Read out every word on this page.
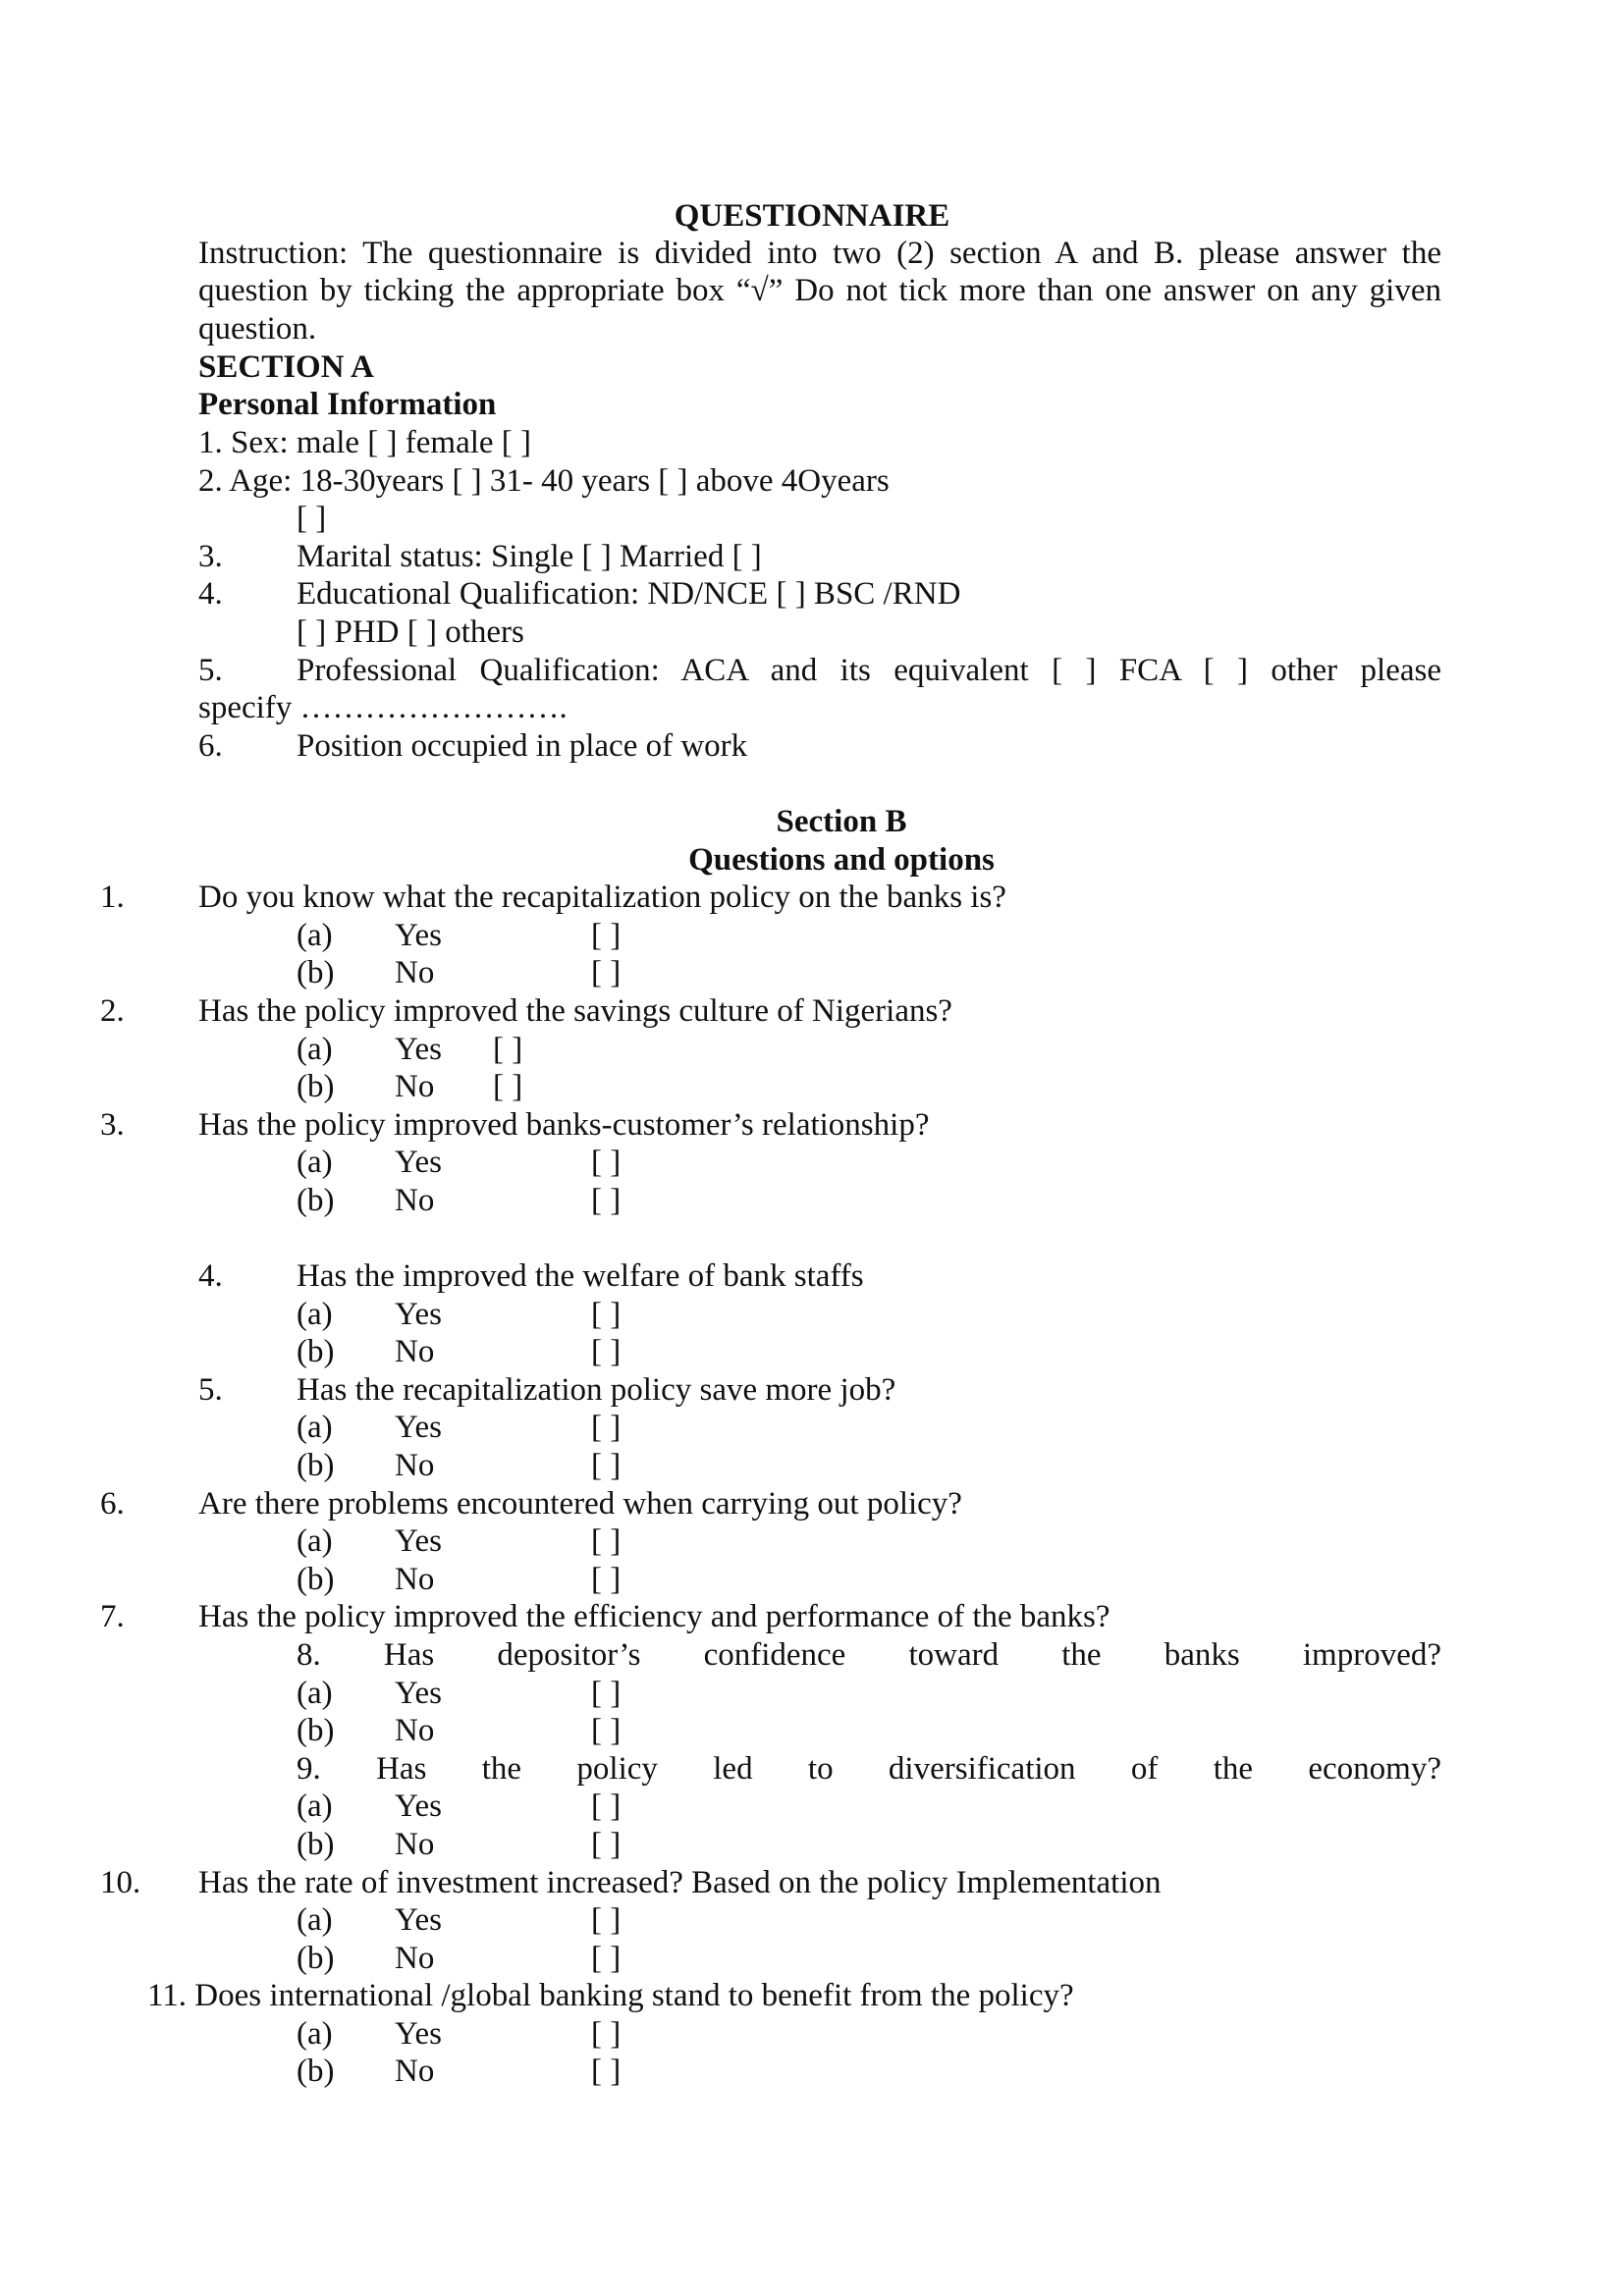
QUESTIONNAIRE
Instruction: The questionnaire is divided into two (2) section A and B. please answer the
question by ticking the appropriate box “√” Do not tick more than one answer on any given
question.
SECTION A
Personal Information
1. Sex: male [ ] female [ ]
2. Age: 18-30years [ ] 31- 40 years [ ] above 4Oyears
[ ]
3. Marital status: Single [ ] Married [ ]
4. Educational Qualification: ND/NCE [ ] BSC /RND
[ ] PHD [ ] others
5. Professional Qualification: ACA and its equivalent [ ] FCA [ ] other please
specify …………………….
6. Position occupied in place of work
Section B
Questions and options
1. Do you know what the recapitalization policy on the banks is?
(a) Yes	[ ]
(b) No	[ ]
2. Has the policy improved the savings culture of Nigerians?
(a) Yes [ ]
(b) No [ ]
3. Has the policy improved banks-customer’s relationship?
(a) Yes	[ ]
(b) No	[ ]
4. Has the improved the welfare of bank staffs
(a) Yes	[ ]
(b) No	[ ]
5. Has the recapitalization policy save more job?
(a) Yes	[ ]
(b) No	[ ]
6. Are there problems encountered when carrying out policy?
(a) Yes	[ ]
(b) No	[ ]
7. Has the policy improved the efficiency and performance of the banks?
8. Has depositor’s confidence toward the banks improved?
(a) Yes	[ ]
(b) No	[ ]
9. Has the policy led to diversification of the economy?
(a) Yes	[ ]
(b) No	[ ]
10. Has the rate of investment increased? Based on the policy Implementation
(a) Yes	[ ]
(b) No	[ ]
11. Does international /global banking stand to benefit from the policy?
(a) Yes	[ ]
(b) No	[ ]
